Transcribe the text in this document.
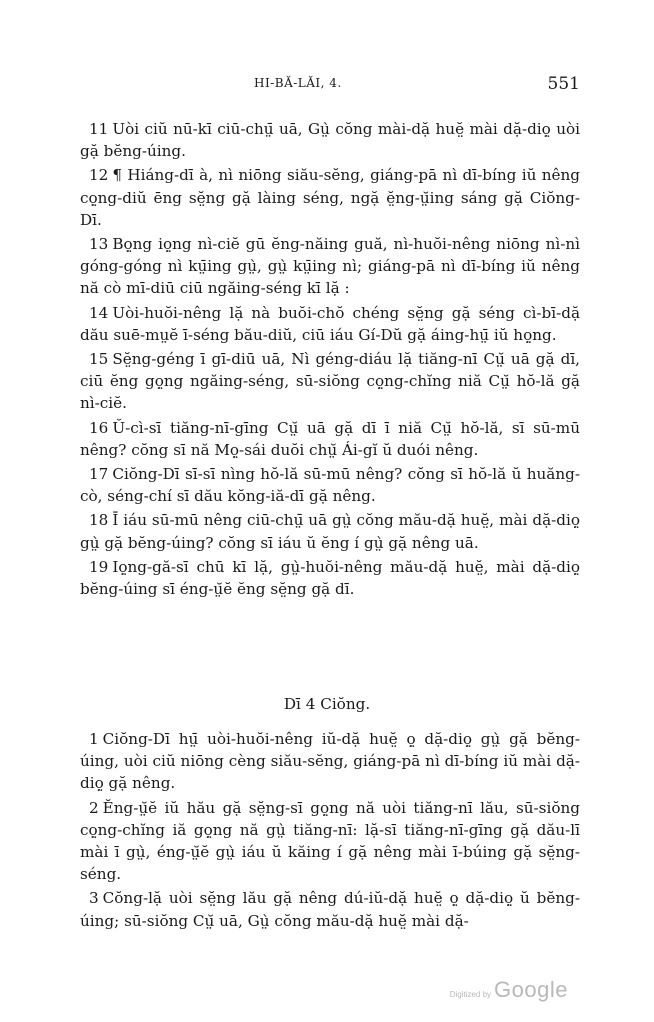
HI-BĂ-LĂI, 4.	551

11 Uòi ciŭ nū-kī ciū-chṳ̄ uā, Gṳ̀ cŏng mài-dặ huĕ̤ mài dặ-diọ̤ uòi gặ bĕng-úing.

12 ¶ Hiáng-dī à, nì niōng siău-sĕng, giáng-pā nì dī-bíng iŭ nêng cọ̤ng-diŭ ēng sĕ̤ng gặ làing séng, ngặ ĕ̤ng-ṳ̆ing sáng gặ Ciŏng-Dī.

13 Bọ̤ng iọ̤ng nì-ciĕ gū ĕng-năing guă, nì-huŏi-nêng niōng nì-nì góng-góng nì kṳ̄ing gṳ̀, gṳ̀ kṳ̄ing nì; giáng-pā nì dī-bíng iŭ nêng nă cò mī-diū ciū ngăing-séng kī lặ :

14 Uòi-huŏi-nêng lặ nà buŏi-chŏ chéng sĕ̤ng gặ séng cì-bī-dặ dău suē-mṳĕ ī-séng bău-diŭ, ciū iáu Gí-Dŭ gặ áing-hṳ̄ iŭ họ̤ng.

15 Sĕ̤ng-géng ī gī-diū uā, Nì géng-diáu lặ tiăng-nī Cṳ̆ uā gặ dī, ciū ĕng gọ̤ng ngăing-séng, sū-siŏng cọ̤ng-chĭng niă Cṳ̆ hŏ-lă gặ nì-ciĕ.

16 Ŭ-cì-sī tiăng-nī-gīng Cṳ̆ uā gặ dī ī niă Cṳ̆ hŏ-lă, sī sū-mū nêng? cŏng sī nă Mọ̤-sái duŏi chṳ̆ Ái-gĭ ŭ duói nêng.

17 Ciŏng-Dī sī-sī nìng hŏ-lă sū-mū nêng? cŏng sī hŏ-lă ŭ huăng-cò, séng-chí sī dău kŏng-iă-dī gặ nêng.

18 Ī iáu sū-mū nêng ciū-chṳ̄ uā gṳ̀ cŏng mău-dặ huĕ̤, mài dặ-diọ̤ gṳ̀ gặ bĕng-úing? cŏng sī iáu ŭ ĕng í gṳ̀ gặ nêng uā.

19 Iọ̤ng-gă-sī chū kī lặ, gṳ̀-huŏi-nêng mău-dặ huĕ̤, mài dặ-diọ̤ bĕng-úing sī éng-ṳ̆ĕ ĕng sĕ̤ng gặ dī.

Dī 4 Ciŏng.

1 Ciŏng-Dī hṳ̄ uòi-huŏi-nêng iŭ-dặ huĕ̤ ọ̤ dặ-diọ̤ gṳ̀ gặ bĕng-úing, uòi ciŭ niōng cèng siău-sĕng, giáng-pā nì dī-bíng iŭ mài dặ-diọ̤ gặ nêng.

2 Ĕng-ṳ̆ĕ iŭ hău gặ sĕ̤ng-sī gọ̤ng nă uòi tiăng-nī lău, sū-siŏng cọ̤ng-chĭng iă gọ̤ng nă gṳ̀ tiăng-nī: lặ-sī tiăng-nī-gīng gặ dău-lī mài ī gṳ̀, éng-ṳ̆ĕ gṳ̀ iáu ŭ kăing í gặ nêng mài ī-búing gặ sĕ̤ng-séng.

3 Cŏng-lặ uòi sĕ̤ng lău gặ nêng dú-iŭ-dặ huĕ̤ ọ̤ dặ-diọ̤ ŭ bĕng-úing; sū-siŏng Cṳ̆ uā, Gṳ̀ cŏng mău-dặ huĕ̤ mài dặ-

Digitized by Google
